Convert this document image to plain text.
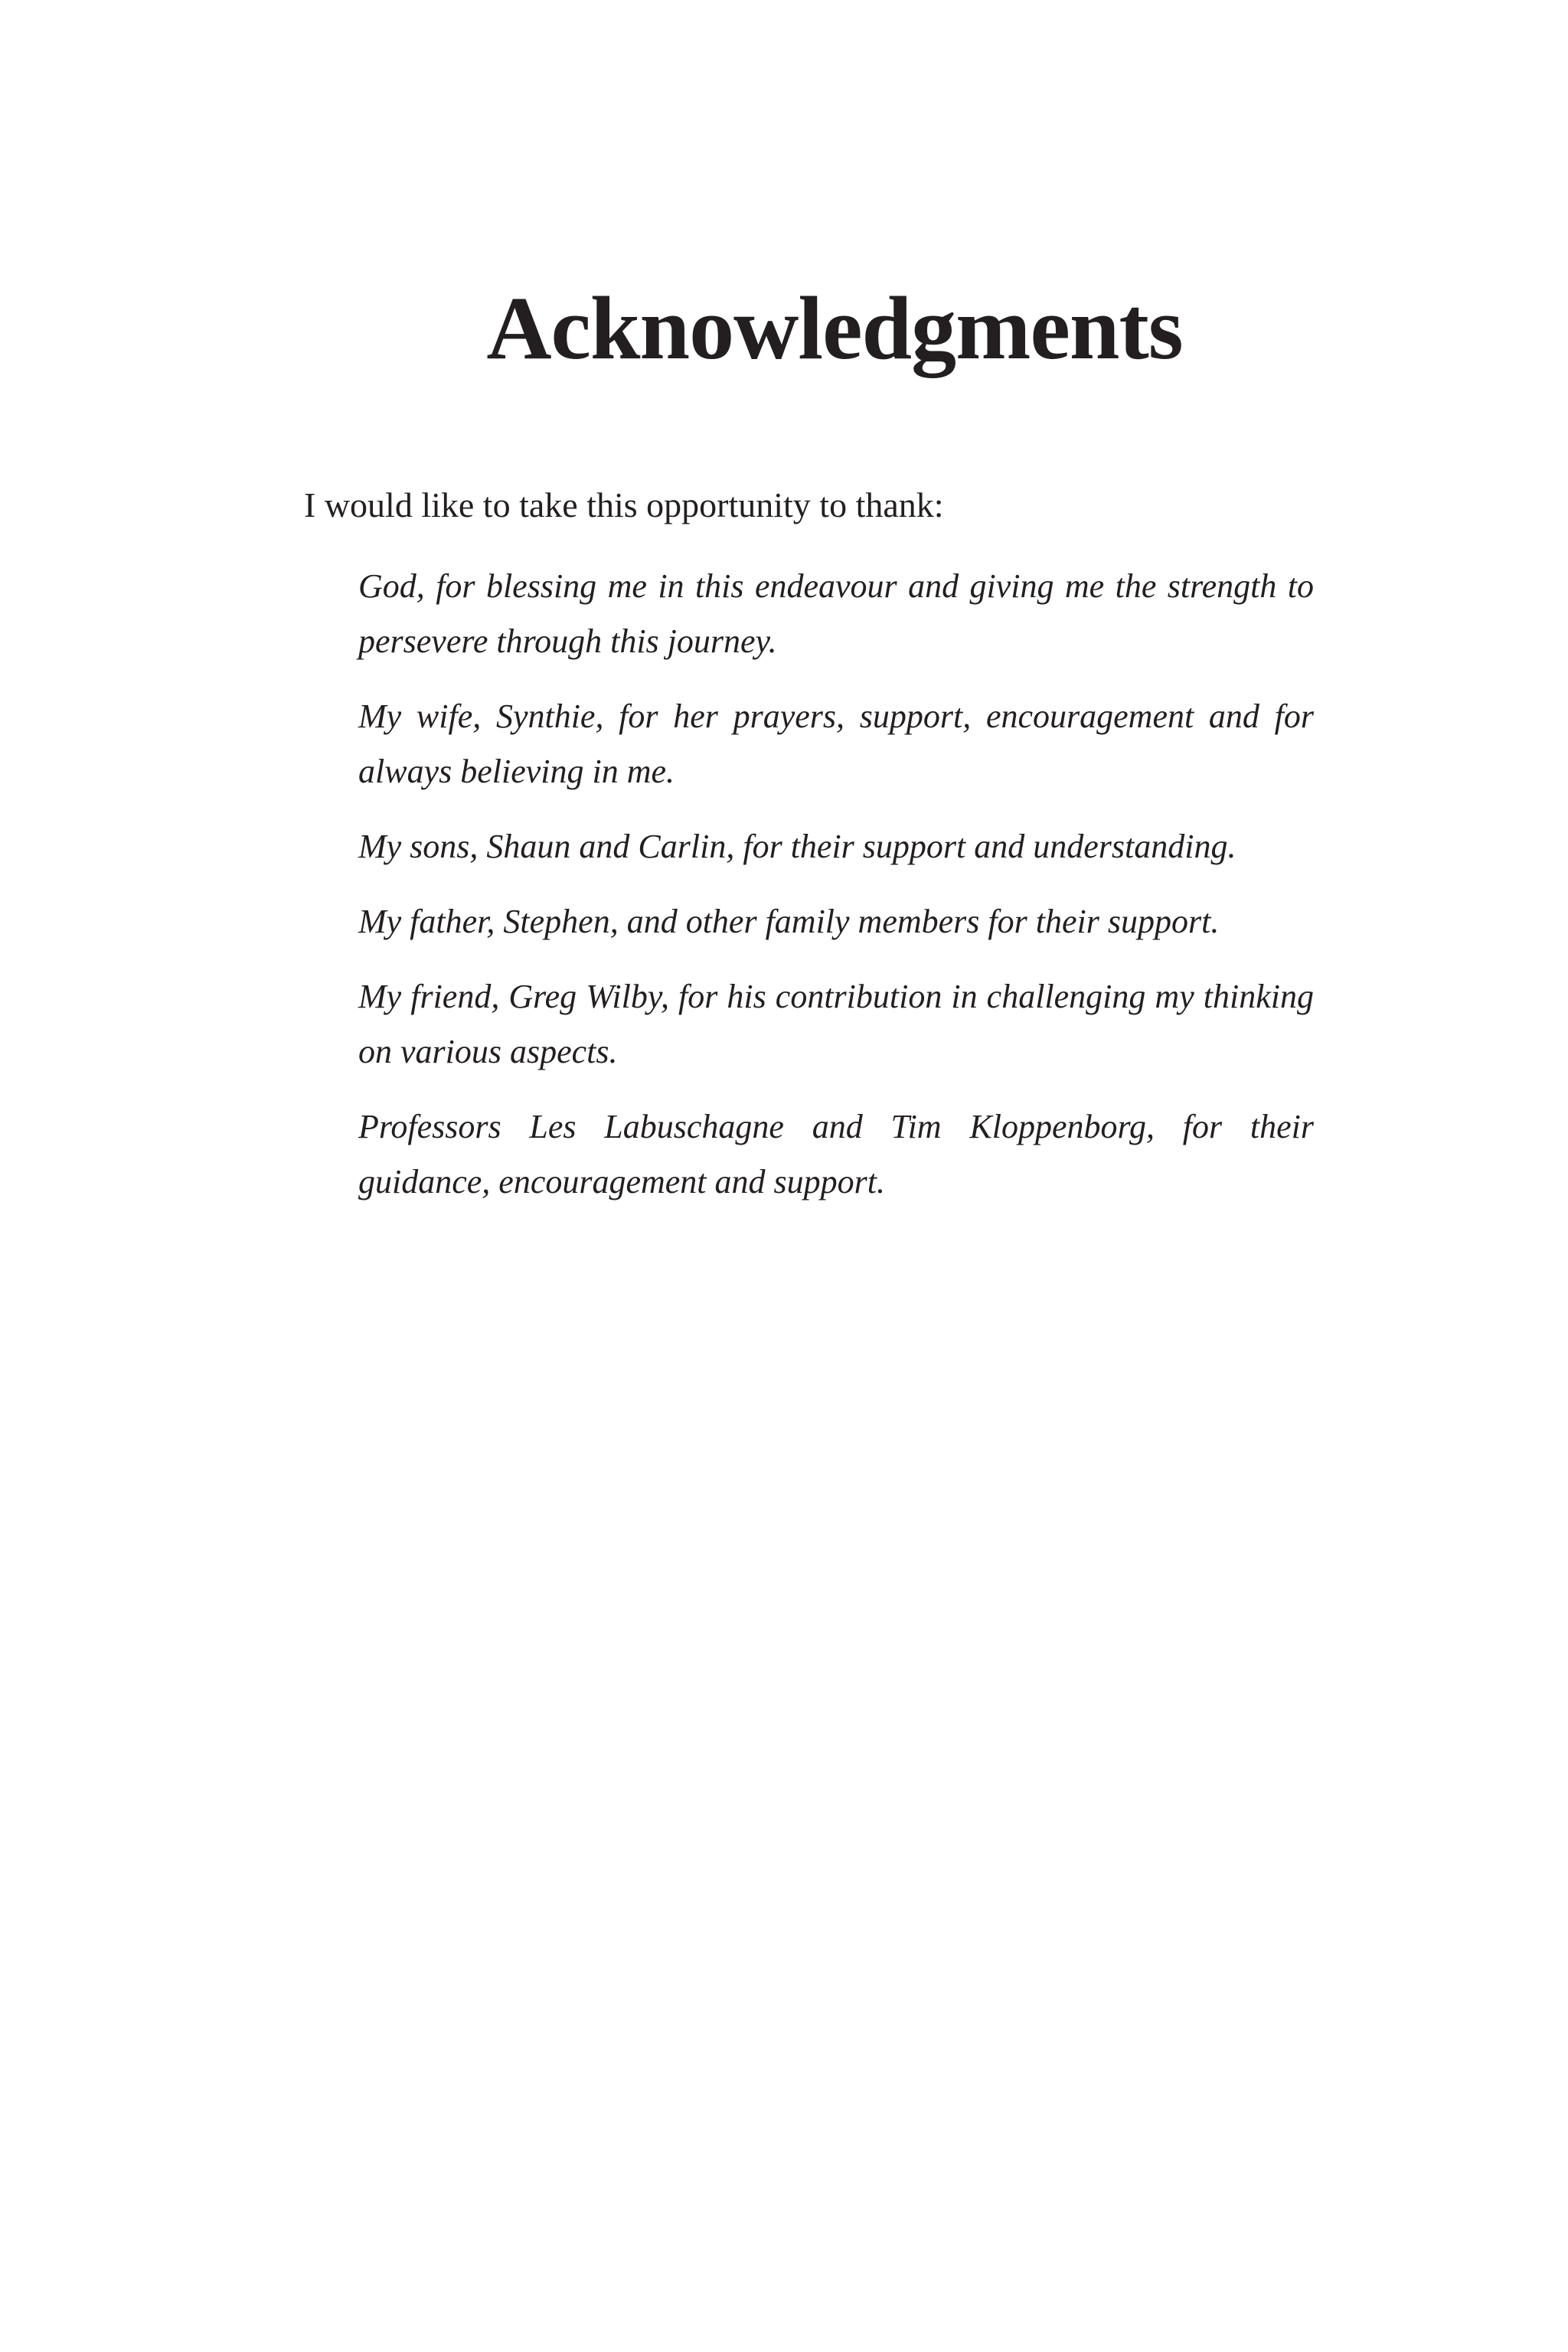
Acknowledgments

I would like to take this opportunity to thank:

God, for blessing me in this endeavour and giving me the strength to persevere through this journey.
My wife, Synthie, for her prayers, support, encouragement and for always believing in me.
My sons, Shaun and Carlin, for their support and understanding.
My father, Stephen, and other family members for their support.
My friend, Greg Wilby, for his contribution in challenging my thinking on various aspects.
Professors Les Labuschagne and Tim Kloppenborg, for their guidance, encouragement and support.
